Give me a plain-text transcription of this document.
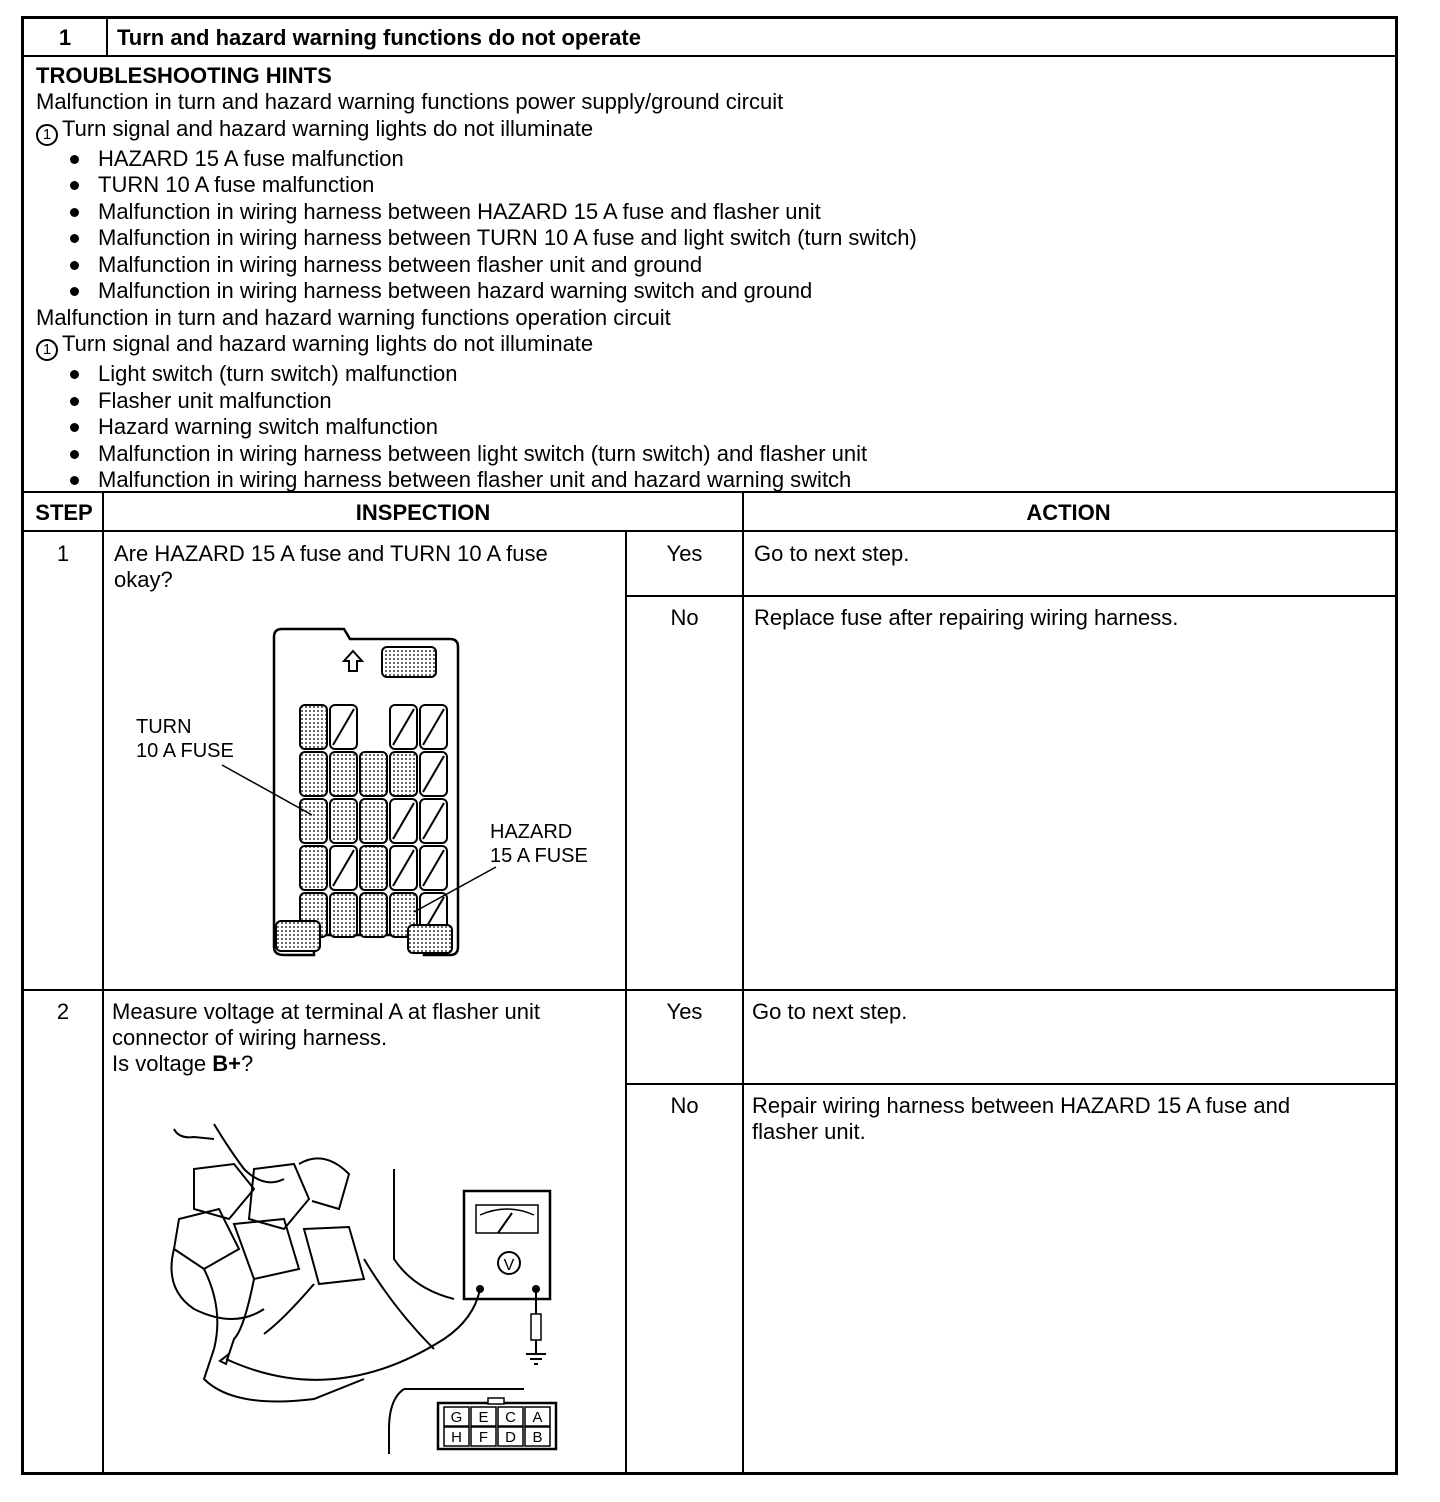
1	Turn and hazard warning functions do not operate
TROUBLESHOOTING HINTS
Malfunction in turn and hazard warning functions power supply/ground circuit
1 Turn signal and hazard warning lights do not illuminate
HAZARD 15 A fuse malfunction
TURN 10 A fuse malfunction
Malfunction in wiring harness between HAZARD 15 A fuse and flasher unit
Malfunction in wiring harness between TURN 10 A fuse and light switch (turn switch)
Malfunction in wiring harness between flasher unit and ground
Malfunction in wiring harness between hazard warning switch and ground
Malfunction in turn and hazard warning functions operation circuit
1 Turn signal and hazard warning lights do not illuminate
Light switch (turn switch) malfunction
Flasher unit malfunction
Hazard warning switch malfunction
Malfunction in wiring harness between light switch (turn switch) and flasher unit
Malfunction in wiring harness between flasher unit and hazard warning switch
STEP	INSPECTION	ACTION
1	Are HAZARD 15 A fuse and TURN 10 A fuse
okay?
Yes	Go to next step.
No	Replace fuse after repairing wiring harness.
TURN
10 A FUSE
HAZARD
15 A FUSE
2	Measure voltage at terminal A at flasher unit
connector of wiring harness.
Is voltage B+?
Yes	Go to next step.
No	Repair wiring harness between HAZARD 15 A fuse and
flasher unit.
V
G E C A
H F D B
